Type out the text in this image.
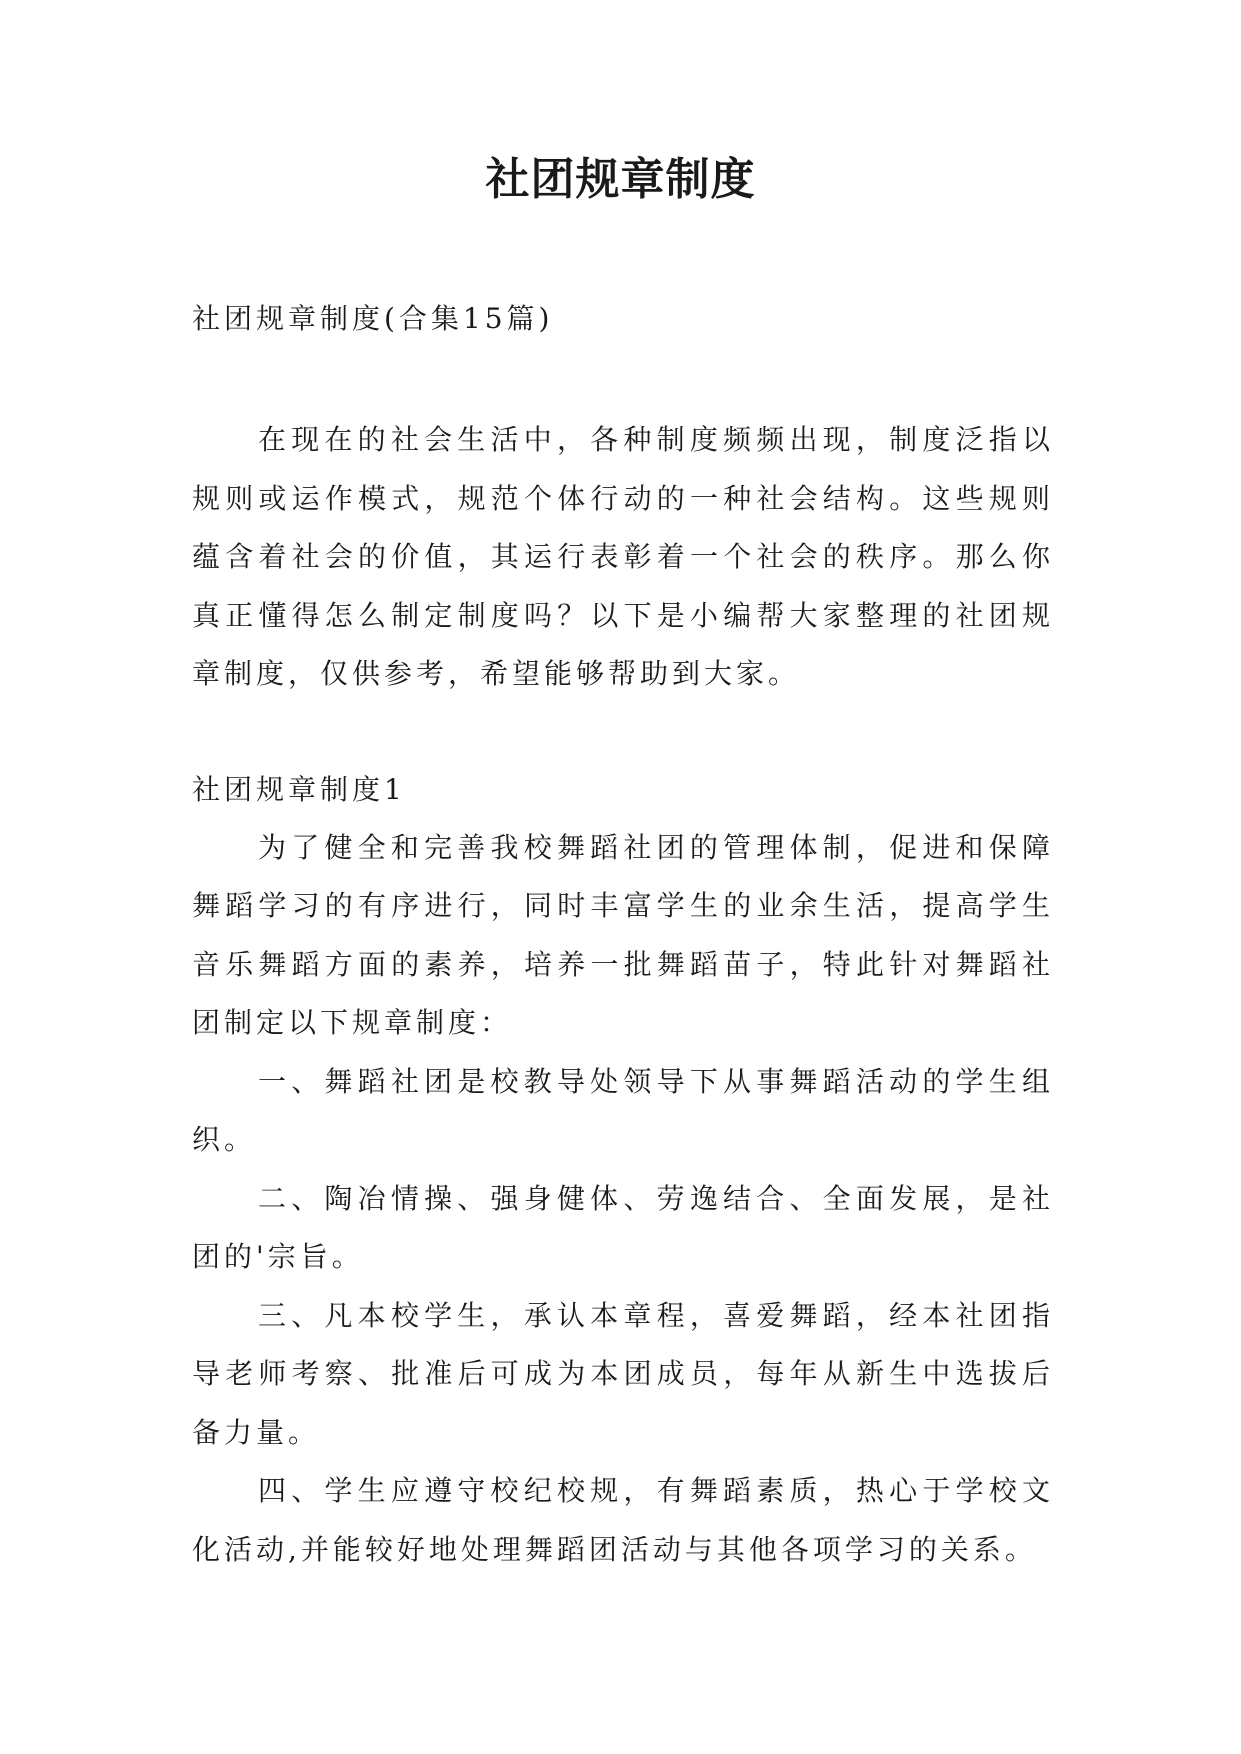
社团规章制度

社团规章制度(合集15篇)

在现在的社会生活中，各种制度频频出现，制度泛指以规则或运作模式，规范个体行动的一种社会结构。这些规则蕴含着社会的价值，其运行表彰着一个社会的秩序。那么你真正懂得怎么制定制度吗？以下是小编帮大家整理的社团规章制度，仅供参考，希望能够帮助到大家。

社团规章制度1

为了健全和完善我校舞蹈社团的管理体制，促进和保障舞蹈学习的有序进行，同时丰富学生的业余生活，提高学生音乐舞蹈方面的素养，培养一批舞蹈苗子，特此针对舞蹈社团制定以下规章制度：

一、舞蹈社团是校教导处领导下从事舞蹈活动的学生组织。

二、陶冶情操、强身健体、劳逸结合、全面发展，是社团的'宗旨。

三、凡本校学生，承认本章程，喜爱舞蹈，经本社团指导老师考察、批准后可成为本团成员，每年从新生中选拔后备力量。

四、学生应遵守校纪校规，有舞蹈素质，热心于学校文化活动,并能较好地处理舞蹈团活动与其他各项学习的关系。
